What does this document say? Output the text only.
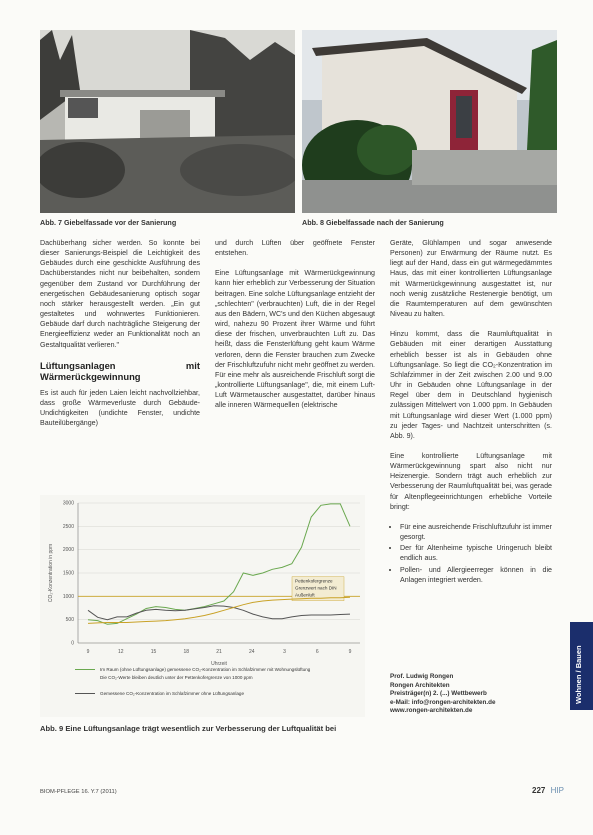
Abb. 7 Giebelfassade vor der Sanierung	Abb. 8 Giebelfassade nach der Sanierung

Dachüberhang sicher werden. So konnte bei dieser Sanierungs-Beispiel die Leichtigkeit des Gebäudes durch eine geschickte Ausführung des Dachüberstandes nicht nur beibehalten, sondern gegenüber dem Zustand vor Durchführung der energetischen Gebäudesanierung optisch sogar noch stärker herausgestellt werden. „Ein gut gestaltetes und wohnwertes Funktionieren. Gebäude darf durch nachträgliche Steigerung der Energieeffizienz weder an Funktionalität noch an Gestaltqualität verlieren."

Lüftungsanlagen mit Wärmerückgewinnung

Es ist auch für jeden Laien leicht nachvollziehbar, dass große Wärmeverluste durch Gebäude-Undichtigkeiten (undichte Fenster, undichte Bauteilübergänge)

und durch Lüften über geöffnete Fenster entstehen.

Eine Lüftungsanlage mit Wärmerückgewinnung kann hier erheblich zur Verbesserung der Situation beitragen. Eine solche Lüftungsanlage entzieht der „schlechten" (verbrauchten) Luft, die in der Regel aus den Bädern, WC's und den Küchen abgesaugt wird, nahezu 90 Prozent ihrer Wärme und führt diese der frischen, unverbrauchten Luft zu. Das heißt, dass die Fensterlüftung geht kaum Wärme verloren, denn die Fenster brauchen zum Zwecke der Frischluftzufuhr nicht mehr geöffnet zu werden. Für eine mehr als ausreichende Frischluft sorgt die „kontrollierte Lüftungsanlage", die, mit einem Luft-Luft Wärmetauscher ausgestattet, darüber hinaus alle inneren Wärmequellen (elektrische

Geräte, Glühlampen und sogar anwesende Personen) zur Erwärmung der Räume nutzt. Es liegt auf der Hand, dass ein gut wärmegedämmtes Haus, das mit einer kontrollierten Lüftungsanlage mit Wärmerückgewinnung ausgestattet ist, nur noch wenig zusätzliche Restenergie benötigt, um die Raumtemperaturen auf dem gewünschten Niveau zu halten.

Hinzu kommt, dass die Raumluftqualität in Gebäuden mit einer derartigen Ausstattung erheblich besser ist als in Gebäuden ohne Lüftungsanlage. So liegt die CO₂-Konzentration im Schlafzimmer in der Zeit zwischen 2.00 und 9.00 Uhr in Gebäuden ohne Lüftungsanlage in der Regel über dem in Deutschland hygienisch zulässigen Mittelwert von 1.000 ppm. In Gebäuden mit Lüftungsanlage wird dieser Wert (1.000 ppm) zu jeder Tages- und Nachtzeit unterschritten (s. Abb. 9).

Eine kontrollierte Lüftungsanlage mit Wärmerückgewinnung spart also nicht nur Heizenergie. Sondern trägt auch erheblich zur Verbesserung der Raumluftqualität bei, was gerade für Altenpflegeeinrichtungen erhebliche Vorteile bringt:

• Für eine ausreichende Frischluftzufuhr ist immer gesorgt.
• Der für Altenheime typische Uringeruch bleibt endlich aus.
• Pollen- und Allergieerreger können in die Anlagen integriert werden.
Prof. Ludwig Rongen
Rongen Architekten
Preisträger(n) 2. (...) Wettbewerb
e-Mail: info@rongen-architekten.de
www.rongen-architekten.de
Pettenkofergrenze
Grenzwert nach DIN
Außenluft
0
500
1000
1500
2000
2500
3000
9	12	15	18	21	24	3	6	9
Uhrzeit
CO₂-Konzentration in ppm
Im Raum (ohne Lüftungsanlage) gemessene CO₂-Konzentration im Schlafzimmer mit Wohnungslüftung
Die CO₂-Werte bleiben deutlich unter der Pettenkofergrenze von 1000 ppm
Gemessene CO₂-Konzentration im Schlafzimmer ohne Lüftungsanlage
Abb. 9 Eine Lüftungsanlage trägt wesentlich zur Verbesserung der Luftqualität bei
Wohnen / Bauen
BIOM-PFLEGE 16. Y.7 (2011)	227 HIP
